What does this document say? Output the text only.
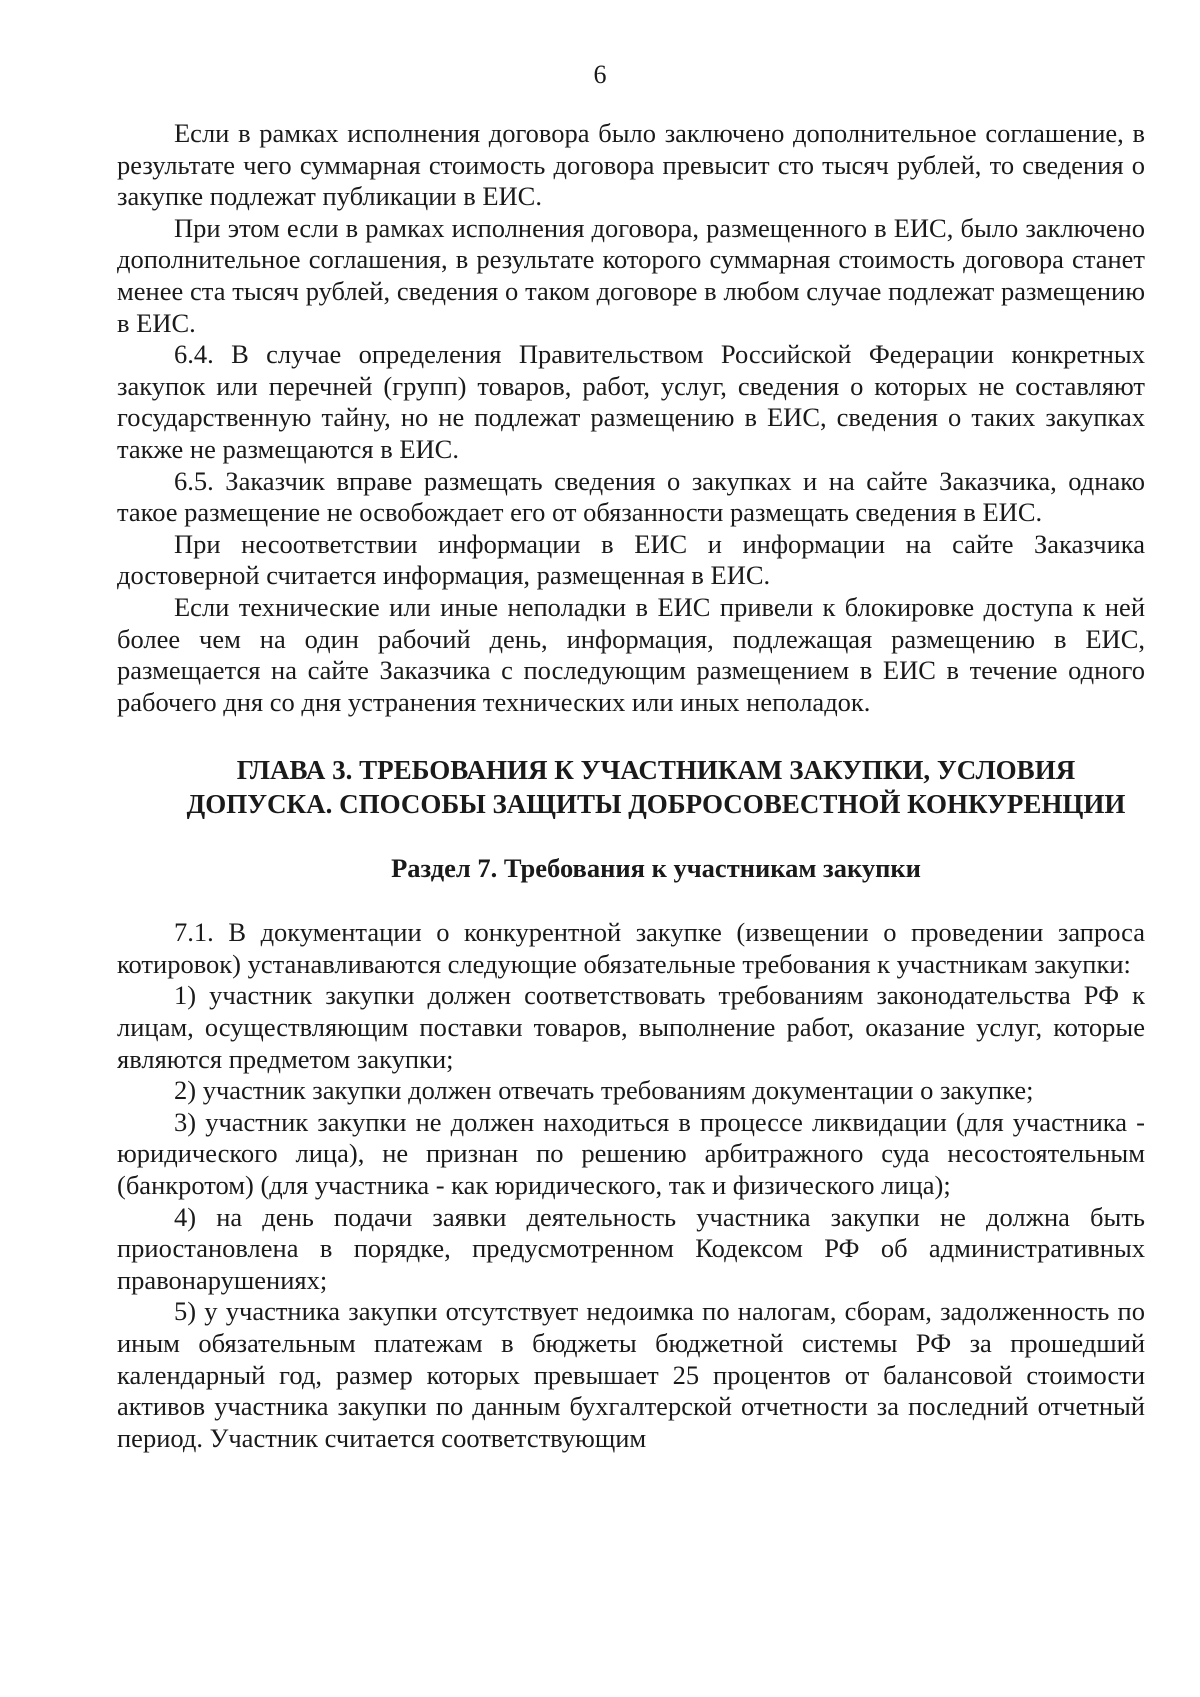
6

Если в рамках исполнения договора было заключено дополнительное соглашение, в результате чего суммарная стоимость договора превысит сто тысяч рублей, то сведения о закупке подлежат публикации в ЕИС.

При этом если в рамках исполнения договора, размещенного в ЕИС, было заключено дополнительное соглашения, в результате которого суммарная стоимость договора станет менее ста тысяч рублей, сведения о таком договоре в любом случае подлежат размещению в ЕИС.

6.4. В случае определения Правительством Российской Федерации конкретных закупок или перечней (групп) товаров, работ, услуг, сведения о которых не составляют государственную тайну, но не подлежат размещению в ЕИС, сведения о таких закупках также не размещаются в ЕИС.

6.5. Заказчик вправе размещать сведения о закупках и на сайте Заказчика, однако такое размещение не освобождает его от обязанности размещать сведения в ЕИС.

При несоответствии информации в ЕИС и информации на сайте Заказчика достоверной считается информация, размещенная в ЕИС.

Если технические или иные неполадки в ЕИС привели к блокировке доступа к ней более чем на один рабочий день, информация, подлежащая размещению в ЕИС, размещается на сайте Заказчика с последующим размещением в ЕИС в течение одного рабочего дня со дня устранения технических или иных неполадок.

ГЛАВА 3. ТРЕБОВАНИЯ К УЧАСТНИКАМ ЗАКУПКИ, УСЛОВИЯ ДОПУСКА. СПОСОБЫ ЗАЩИТЫ ДОБРОСОВЕСТНОЙ КОНКУРЕНЦИИ
Раздел 7. Требования к участникам закупки

7.1. В документации о конкурентной закупке (извещении о проведении запроса котировок) устанавливаются следующие обязательные требования к участникам закупки:

1) участник закупки должен соответствовать требованиям законодательства РФ к лицам, осуществляющим поставки товаров, выполнение работ, оказание услуг, которые являются предметом закупки;

2) участник закупки должен отвечать требованиям документации о закупке;

3) участник закупки не должен находиться в процессе ликвидации (для участника - юридического лица), не признан по решению арбитражного суда несостоятельным (банкротом) (для участника - как юридического, так и физического лица);

4) на день подачи заявки деятельность участника закупки не должна быть приостановлена в порядке, предусмотренном Кодексом РФ об административных правонарушениях;

5) у участника закупки отсутствует недоимка по налогам, сборам, задолженность по иным обязательным платежам в бюджеты бюджетной системы РФ за прошедший календарный год, размер которых превышает 25 процентов от балансовой стоимости активов участника закупки по данным бухгалтерской отчетности за последний отчетный период. Участник считается соответствующим
